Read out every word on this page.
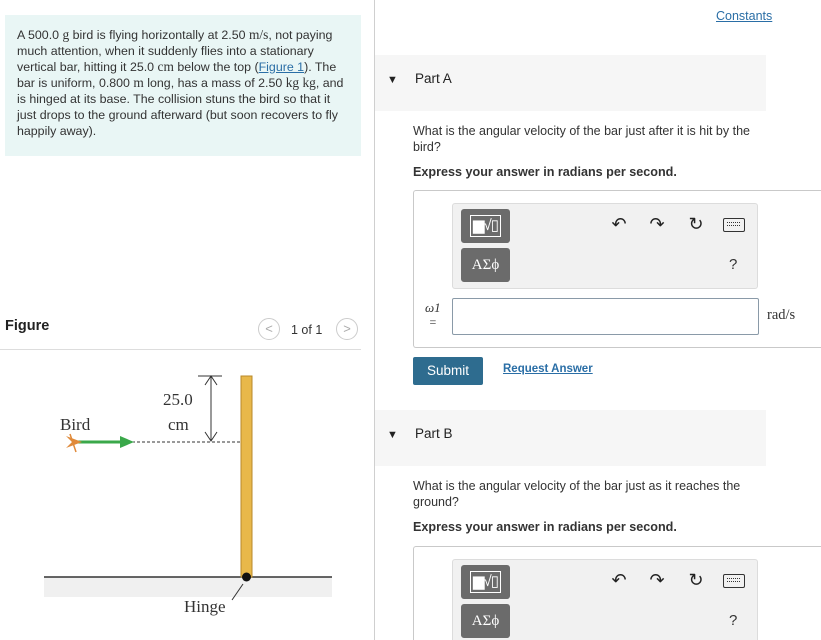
A 500.0 g bird is flying horizontally at 2.50 m/s, not paying much attention, when it suddenly flies into a stationary vertical bar, hitting it 25.0 cm below the top (Figure 1). The bar is uniform, 0.800 m long, has a mass of 2.50 kg kg, and is hinged at its base. The collision stuns the bird so that it just drops to the ground afterward (but soon recovers to fly happily away).
Figure	<	1 of 1	>
Hinge
25.0
cm
Bird
Constants
▼ Part A
What is the angular velocity of the bar just after it is hit by the bird?
Express your answer in radians per second.
▆√▯
ΑΣϕ
↶ ↷ ↻
?
ω1
=	rad/s
Submit	Request Answer
▼ Part B
What is the angular velocity of the bar just as it reaches the ground?
Express your answer in radians per second.
▆√▯
ΑΣϕ
↶ ↷ ↻
?
